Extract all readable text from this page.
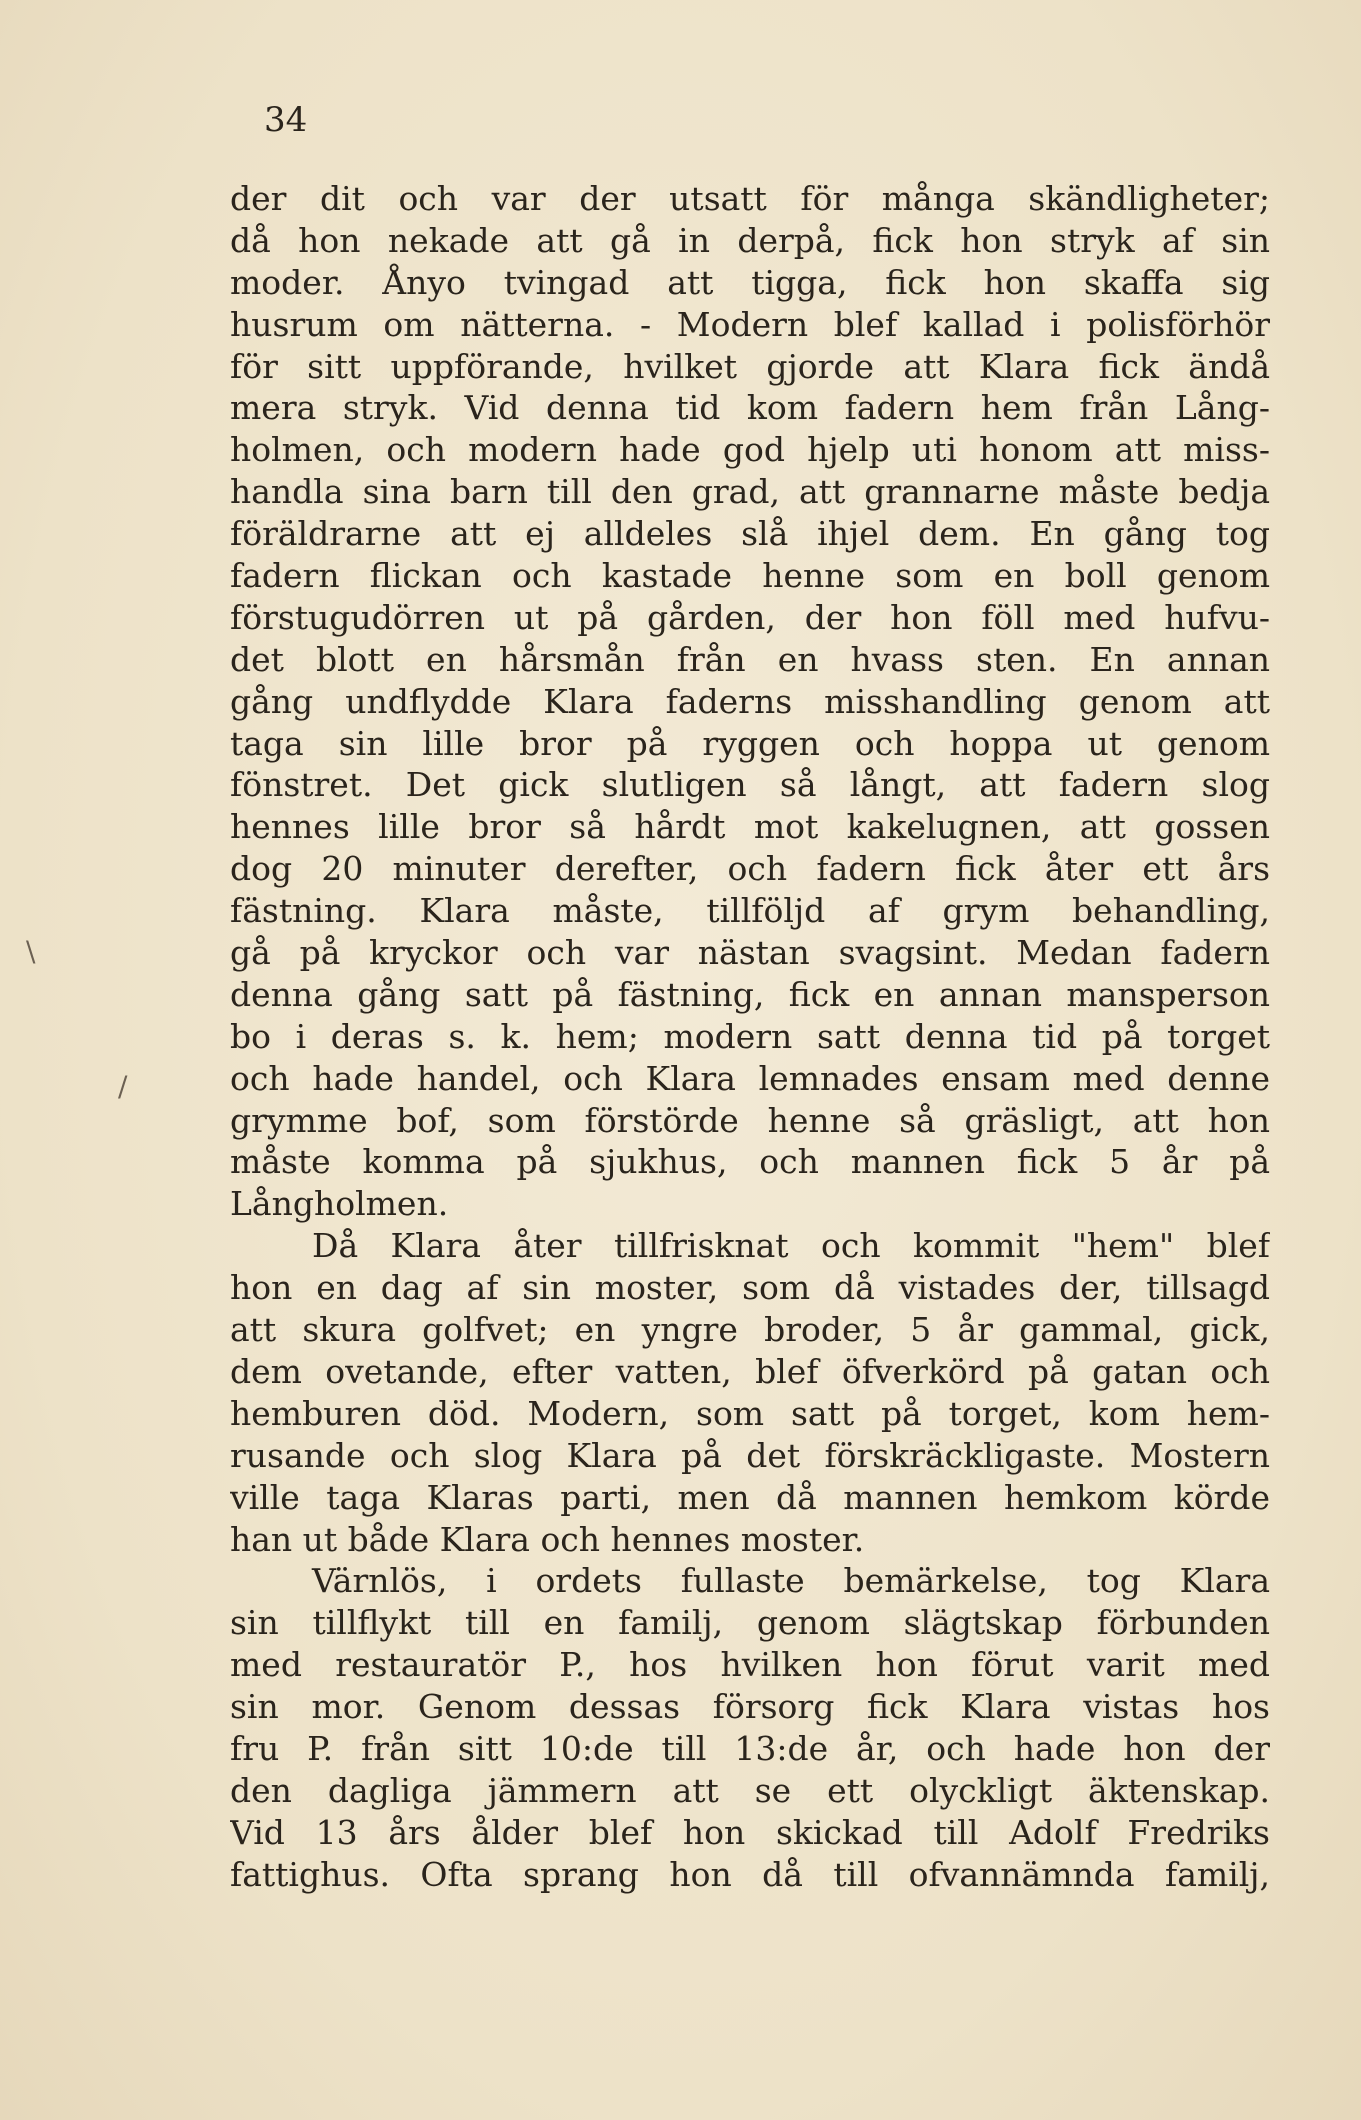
34
\
/
der dit och var der utsatt för många skändligheter;
då hon nekade att gå in derpå, fick hon stryk af sin
moder. Ånyo tvingad att tigga, fick hon skaffa sig
husrum om nätterna. - Modern blef kallad i polisförhör
för sitt uppförande, hvilket gjorde att Klara fick ändå
mera stryk. Vid denna tid kom fadern hem från Lång-
holmen, och modern hade god hjelp uti honom att miss-
handla sina barn till den grad, att grannarne måste bedja
föräldrarne att ej alldeles slå ihjel dem. En gång tog
fadern flickan och kastade henne som en boll genom
förstugudörren ut på gården, der hon föll med hufvu-
det blott en hårsmån från en hvass sten. En annan
gång undflydde Klara faderns misshandling genom att
taga sin lille bror på ryggen och hoppa ut genom
fönstret. Det gick slutligen så långt, att fadern slog
hennes lille bror så hårdt mot kakelugnen, att gossen
dog 20 minuter derefter, och fadern fick åter ett års
fästning. Klara måste, tillföljd af grym behandling,
gå på kryckor och var nästan svagsint. Medan fadern
denna gång satt på fästning, fick en annan mansperson
bo i deras s. k. hem; modern satt denna tid på torget
och hade handel, och Klara lemnades ensam med denne
grymme bof, som förstörde henne så gräsligt, att hon
måste komma på sjukhus, och mannen fick 5 år på
Långholmen.
Då Klara åter tillfrisknat och kommit "hem" blef
hon en dag af sin moster, som då vistades der, tillsagd
att skura golfvet; en yngre broder, 5 år gammal, gick,
dem ovetande, efter vatten, blef öfverkörd på gatan och
hemburen död. Modern, som satt på torget, kom hem-
rusande och slog Klara på det förskräckligaste. Mostern
ville taga Klaras parti, men då mannen hemkom körde
han ut både Klara och hennes moster.
Värnlös, i ordets fullaste bemärkelse, tog Klara
sin tillflykt till en familj, genom slägtskap förbunden
med restauratör P., hos hvilken hon förut varit med
sin mor. Genom dessas försorg fick Klara vistas hos
fru P. från sitt 10:de till 13:de år, och hade hon der
den dagliga jämmern att se ett olyckligt äktenskap.
Vid 13 års ålder blef hon skickad till Adolf Fredriks
fattighus. Ofta sprang hon då till ofvannämnda familj,
